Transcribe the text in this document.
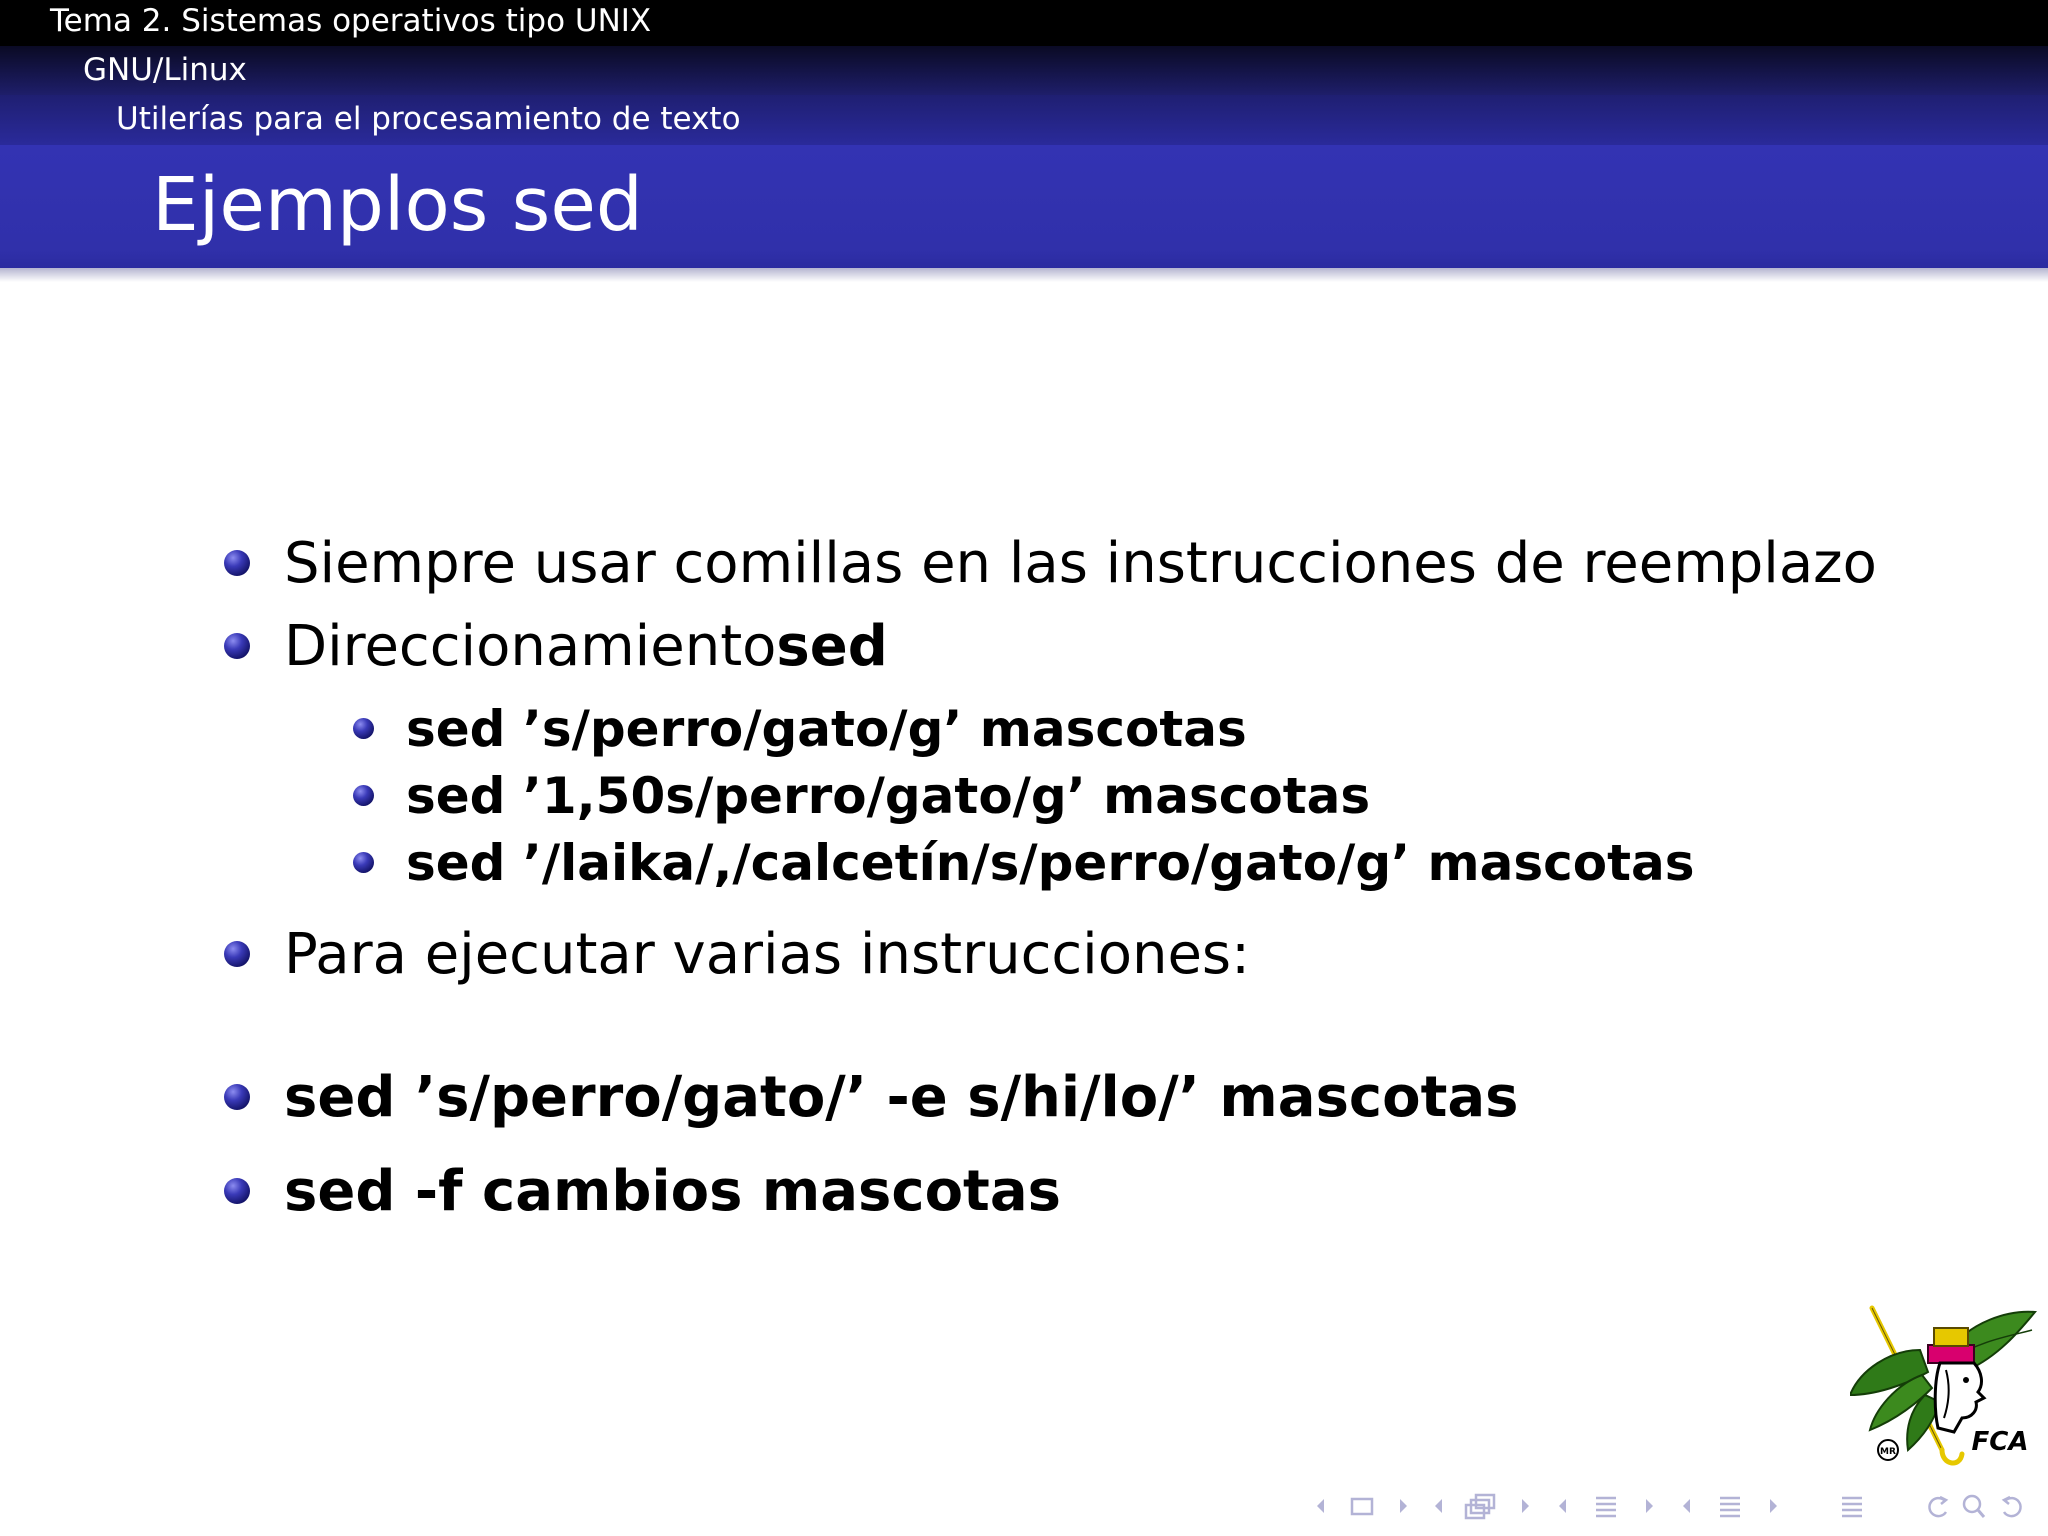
Tema 2. Sistemas operativos tipo UNIX
GNU/Linux
Utilerías para el procesamiento de texto
Ejemplos sed
Siempre usar comillas en las instrucciones de reemplazo
Direccionamientosed
sed ’s/perro/gato/g’ mascotas
sed ’1,50s/perro/gato/g’ mascotas
sed ’/laika/,/calcetín/s/perro/gato/g’ mascotas
Para ejecutar varias instrucciones:
sed ’s/perro/gato/’ -e s/hi/lo/’ mascotas
sed -f cambios mascotas
MR	FCA
